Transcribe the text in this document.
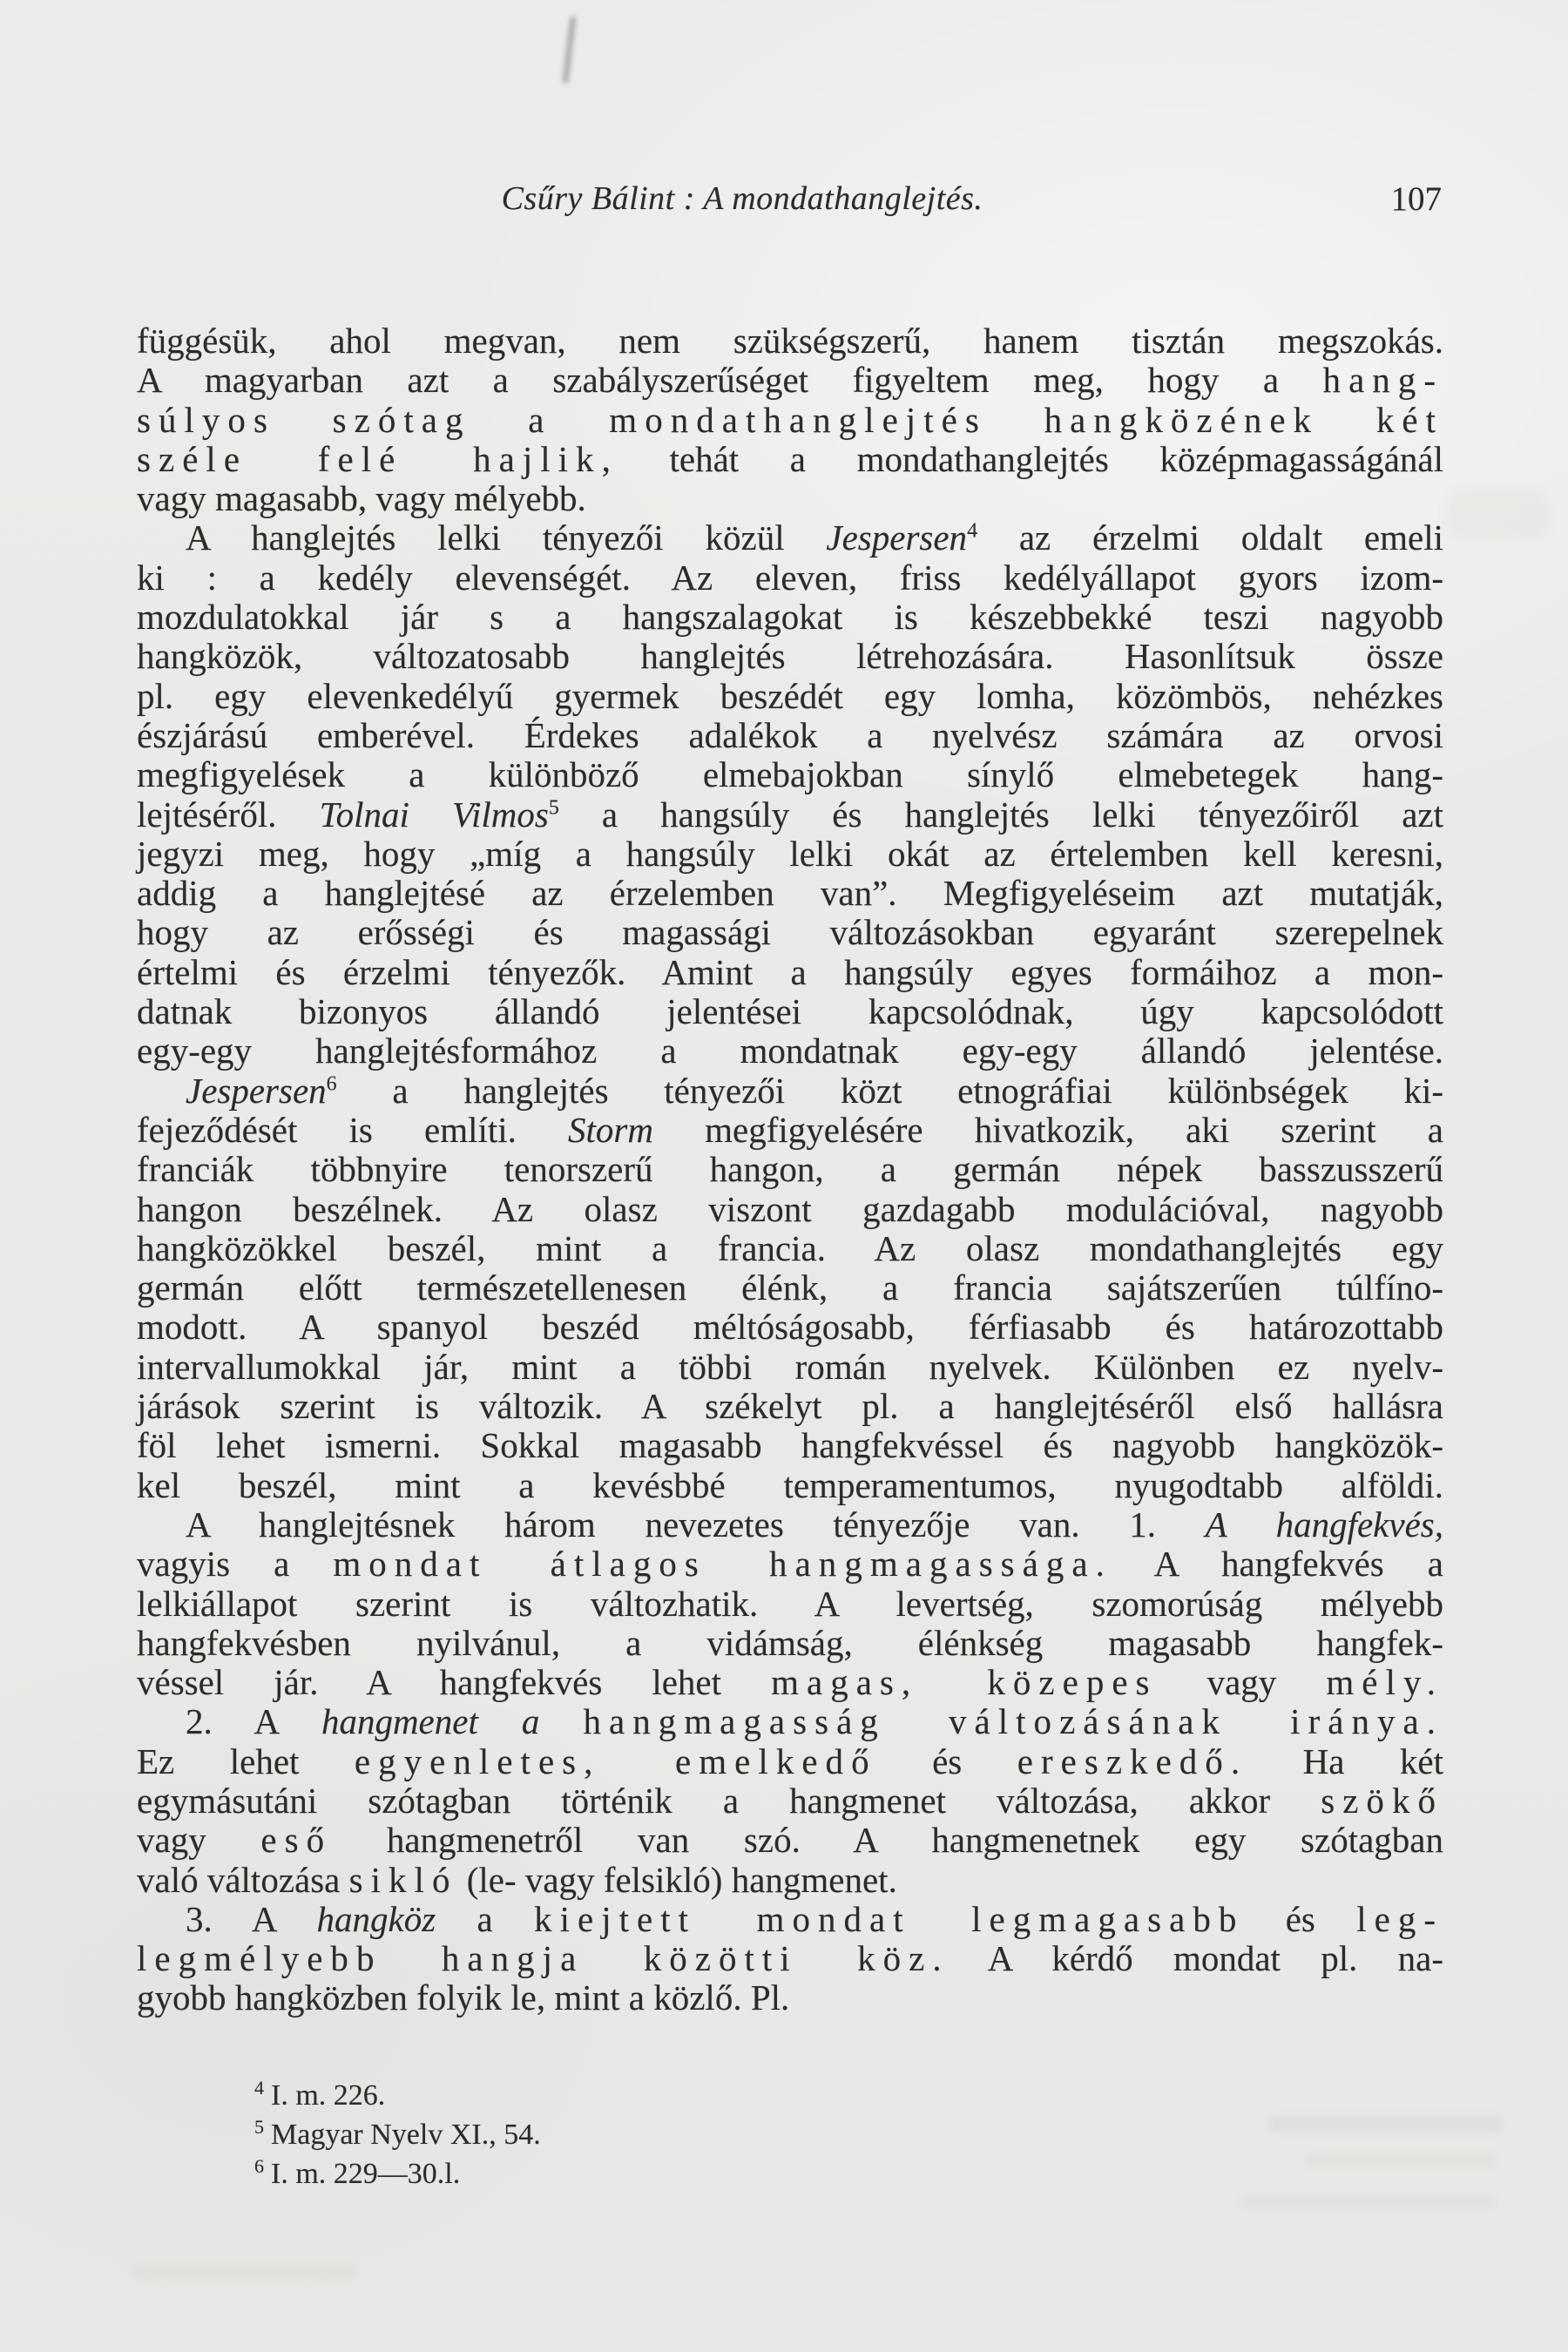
Csűry Bálint : A mondathanglejtés.	107
függésük, ahol megvan, nem szükségszerű, hanem tisztán megszokás.
A magyarban azt a szabályszerűséget figyeltem meg, hogy a hang-
súlyos szótag a mondathanglejtés hangközének két
széle felé hajlik, tehát a mondathanglejtés középmagasságánál
vagy magasabb, vagy mélyebb.
A hanglejtés lelki tényezői közül Jespersen$^4$ az érzelmi oldalt emeli
ki : a kedély elevenségét. Az eleven, friss kedélyállapot gyors izom-
mozdulatokkal jár s a hangszalagokat is készebbekké teszi nagyobb
hangközök, változatosabb hanglejtés létrehozására. Hasonlítsuk össze
pl. egy elevenkedélyű gyermek beszédét egy lomha, közömbös, nehézkes
észjárású emberével. Érdekes adalékok a nyelvész számára az orvosi
megfigyelések a különböző elmebajokban sínylő elmebetegek hang-
lejtéséről. Tolnai Vilmos$^5$ a hangsúly és hanglejtés lelki tényezőiről azt
jegyzi meg, hogy „míg a hangsúly lelki okát az értelemben kell keresni,
addig a hanglejtésé az érzelemben van”. Megfigyeléseim azt mutatják,
hogy az erősségi és magassági változásokban egyaránt szerepelnek
értelmi és érzelmi tényezők. Amint a hangsúly egyes formáihoz a mon-
datnak bizonyos állandó jelentései kapcsolódnak, úgy kapcsolódott
egy-egy hanglejtésformához a mondatnak egy-egy állandó jelentése.
Jespersen$^6$ a hanglejtés tényezői közt etnográfiai különbségek ki-
fejeződését is említi. Storm megfigyelésére hivatkozik, aki szerint a
franciák többnyire tenorszerű hangon, a germán népek basszusszerű
hangon beszélnek. Az olasz viszont gazdagabb modulációval, nagyobb
hangközökkel beszél, mint a francia. Az olasz mondathanglejtés egy
germán előtt természetellenesen élénk, a francia sajátszerűen túlfíno-
modott. A spanyol beszéd méltóságosabb, férfiasabb és határozottabb
intervallumokkal jár, mint a többi román nyelvek. Különben ez nyelv-
járások szerint is változik. A székelyt pl. a hanglejtéséről első hallásra
föl lehet ismerni. Sokkal magasabb hangfekvéssel és nagyobb hangközök-
kel beszél, mint a kevésbbé temperamentumos, nyugodtabb alföldi.
A hanglejtésnek három nevezetes tényezője van. 1. A hangfekvés,
vagyis a mondat átlagos hangmagassága. A hangfekvés a
lelkiállapot szerint is változhatik. A levertség, szomorúság mélyebb
hangfekvésben nyilvánul, a vidámság, élénkség magasabb hangfek-
véssel jár. A hangfekvés lehet magas, közepes vagy mély.
2. A hangmenet a hangmagasság változásának iránya.
Ez lehet egyenletes, emelkedő és ereszkedő. Ha két
egymásutáni szótagban történik a hangmenet változása, akkor szökő
vagy eső hangmenetről van szó. A hangmenetnek egy szótagban
való változása sikló (le- vagy felsikló) hangmenet.
3. A hangköz a kiejtett mondat legmagasabb és leg-
legmélyebb hangja közötti köz. A kérdő mondat pl. na-
gyobb hangközben folyik le, mint a közlő. Pl.
$^4$ I. m. 226.
$^5$ Magyar Nyelv XI., 54.
$^6$ I. m. 229—30.l.
